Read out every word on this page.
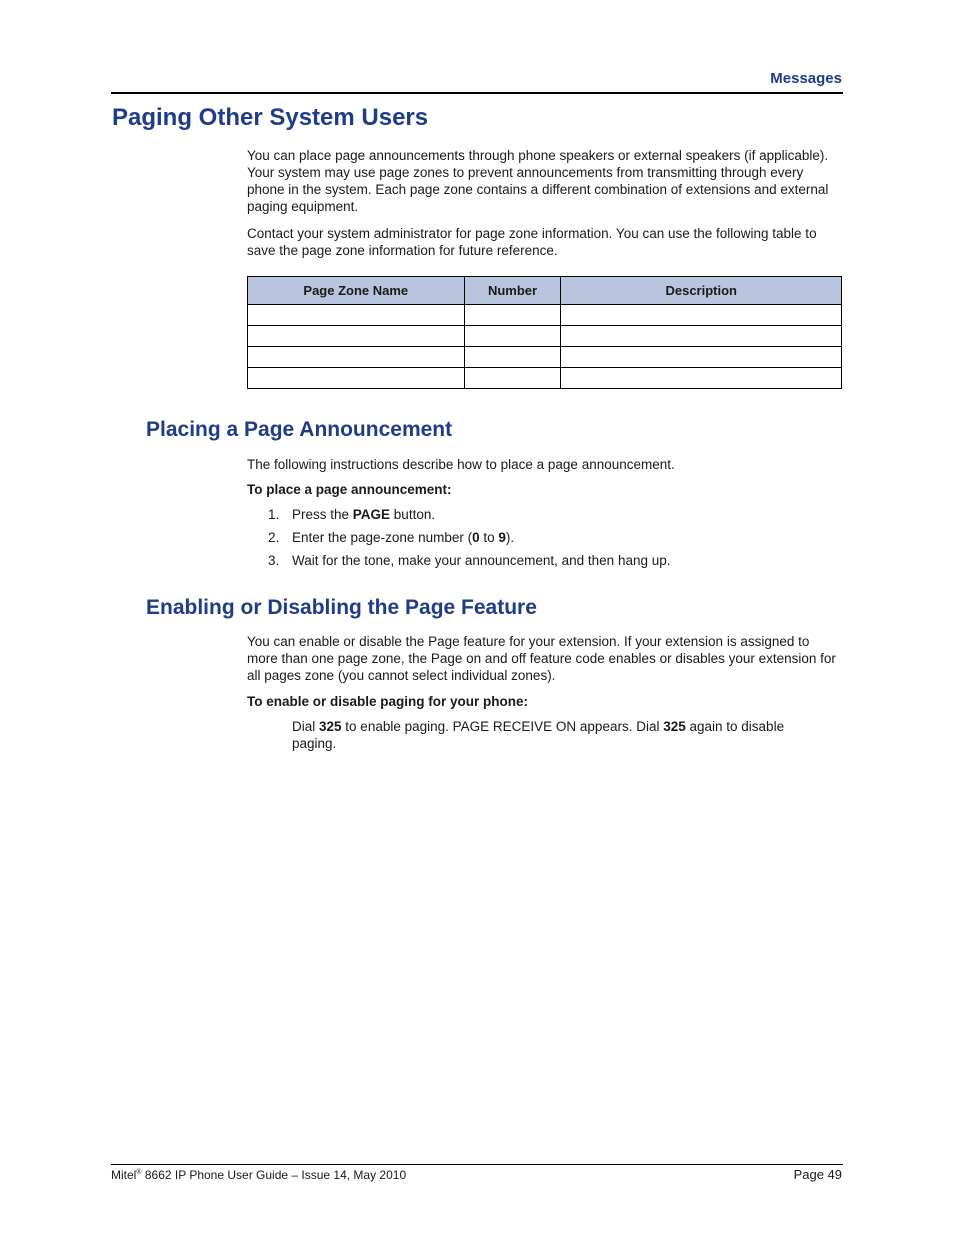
Messages
Paging Other System Users

You can place page announcements through phone speakers or external speakers (if applicable). Your system may use page zones to prevent announcements from transmitting through every phone in the system. Each page zone contains a different combination of extensions and external paging equipment.

Contact your system administrator for page zone information. You can use the following table to save the page zone information for future reference.

Page Zone Name	Number	Description

Placing a Page Announcement

The following instructions describe how to place a page announcement.

To place a page announcement:

1. Press the PAGE button.
2. Enter the page-zone number (0 to 9).
3. Wait for the tone, make your announcement, and then hang up.
Enabling or Disabling the Page Feature

You can enable or disable the Page feature for your extension. If your extension is assigned to more than one page zone, the Page on and off feature code enables or disables your extension for all pages zone (you cannot select individual zones).

To enable or disable paging for your phone:

Dial 325 to enable paging. PAGE RECEIVE ON appears. Dial 325 again to disable paging.

Mitel® 8662 IP Phone User Guide – Issue 14, May 2010	Page 49
